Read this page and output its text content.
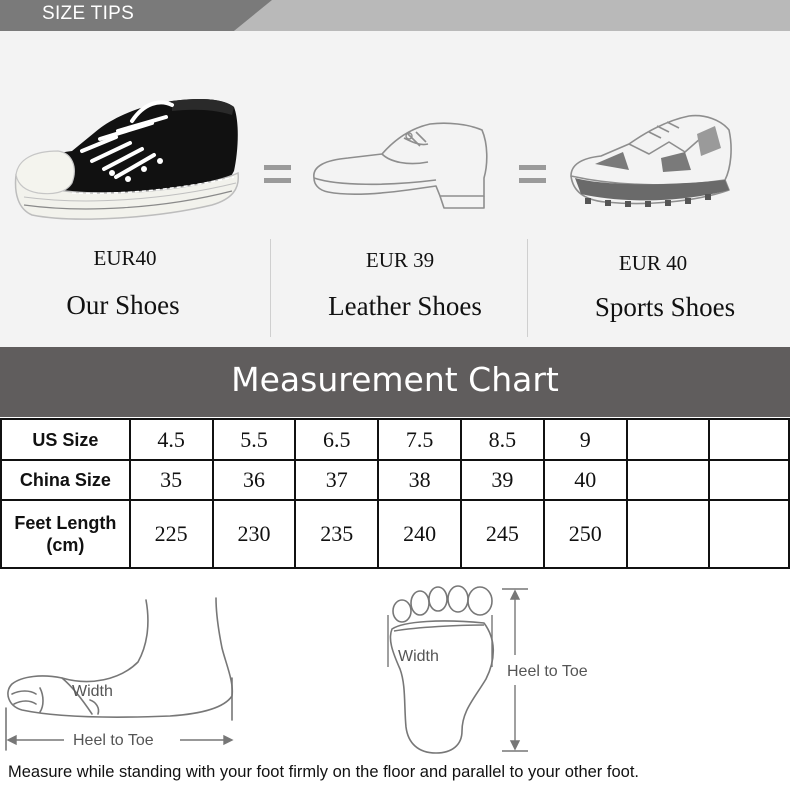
SIZE TIPS
EUR40
Our Shoes
EUR 39
Leather Shoes
EUR 40
Sports Shoes
Measurement Chart
US Size	4.5	5.5	6.5	7.5	8.5	9		
China Size	35	36	37	38	39	40		
Feet Length
(cm)	225	230	235	240	245	250		
Width
Heel to Toe
Width
Heel to Toe
Measure while standing with your foot firmly on the floor and parallel to your other foot.
